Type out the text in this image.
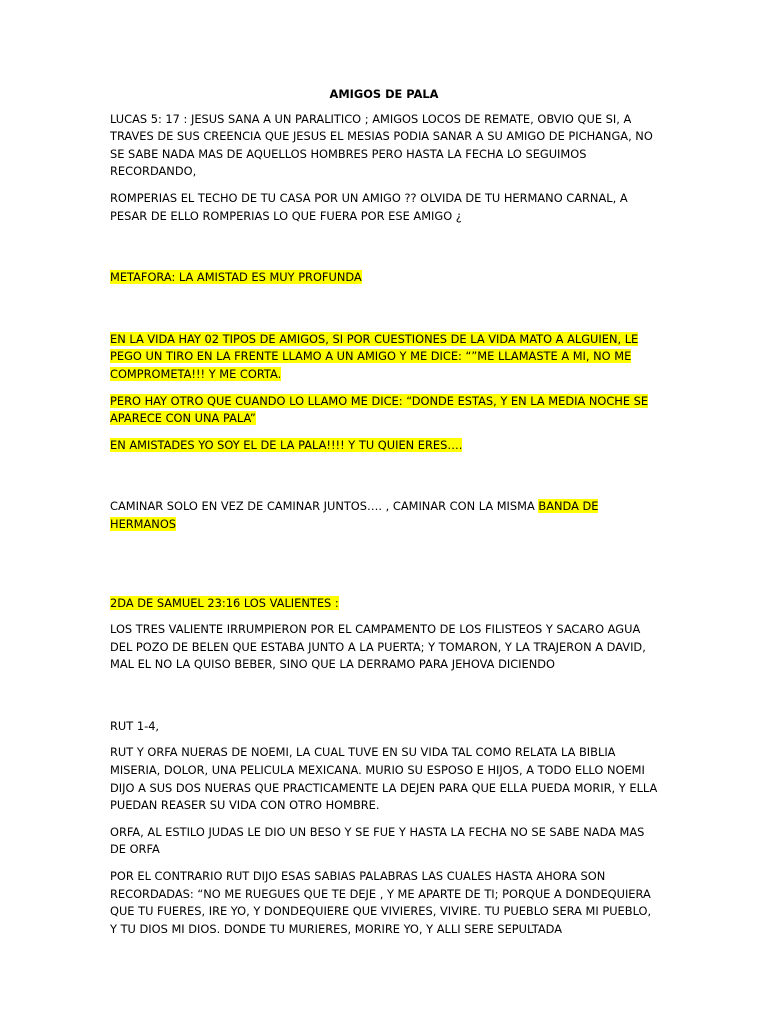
AMIGOS DE PALA

LUCAS 5: 17 : JESUS SANA A UN PARALITICO ; AMIGOS LOCOS DE REMATE, OBVIO QUE SI, A TRAVES DE SUS CREENCIA QUE JESUS EL MESIAS PODIA SANAR A SU AMIGO DE PICHANGA, NO SE SABE NADA MAS DE AQUELLOS HOMBRES PERO HASTA LA FECHA LO SEGUIMOS RECORDANDO,

ROMPERIAS EL TECHO DE TU CASA POR UN AMIGO ?? OLVIDA DE TU HERMANO CARNAL, A PESAR DE ELLO ROMPERIAS LO QUE FUERA POR ESE AMIGO ¿

METAFORA: LA AMISTAD ES MUY PROFUNDA

EN LA VIDA HAY 02 TIPOS DE AMIGOS, SI POR CUESTIONES DE LA VIDA MATO A ALGUIEN, LE PEGO UN TIRO EN LA FRENTE LLAMO A UN AMIGO Y ME DICE: “”ME LLAMASTE A MI, NO ME COMPROMETA!!! Y ME CORTA.

PERO HAY OTRO QUE CUANDO LO LLAMO ME DICE: “DONDE ESTAS, Y EN LA MEDIA NOCHE SE APARECE CON UNA PALA”

EN AMISTADES YO SOY EL DE LA PALA!!!! Y TU QUIEN ERES….

CAMINAR SOLO EN VEZ DE CAMINAR JUNTOS…. , CAMINAR CON LA MISMA BANDA DE HERMANOS

2DA DE SAMUEL 23:16 LOS VALIENTES :

LOS TRES VALIENTE IRRUMPIERON POR EL CAMPAMENTO DE LOS FILISTEOS Y SACARO AGUA DEL POZO DE BELEN QUE ESTABA JUNTO A LA PUERTA; Y TOMARON, Y LA TRAJERON A DAVID, MAL EL NO LA QUISO BEBER, SINO QUE LA DERRAMO PARA JEHOVA DICIENDO

RUT 1-4,

RUT Y ORFA NUERAS DE NOEMI, LA CUAL TUVE EN SU VIDA TAL COMO RELATA LA BIBLIA MISERIA, DOLOR, UNA PELICULA MEXICANA. MURIO SU ESPOSO E HIJOS, A TODO ELLO NOEMI DIJO A SUS DOS NUERAS QUE PRACTICAMENTE LA DEJEN PARA QUE ELLA PUEDA MORIR, Y ELLA PUEDAN REASER SU VIDA CON OTRO HOMBRE.

ORFA, AL ESTILO JUDAS LE DIO UN BESO Y SE FUE Y HASTA LA FECHA NO SE SABE NADA MAS DE ORFA

POR EL CONTRARIO RUT DIJO ESAS SABIAS PALABRAS LAS CUALES HASTA AHORA SON RECORDADAS: “NO ME RUEGUES QUE TE DEJE , Y ME APARTE DE TI; PORQUE A DONDEQUIERA QUE TU FUERES, IRE YO, Y DONDEQUIERE QUE VIVIERES, VIVIRE. TU PUEBLO SERA MI PUEBLO, Y TU DIOS MI DIOS. DONDE TU MURIERES, MORIRE YO, Y ALLI SERE SEPULTADA
